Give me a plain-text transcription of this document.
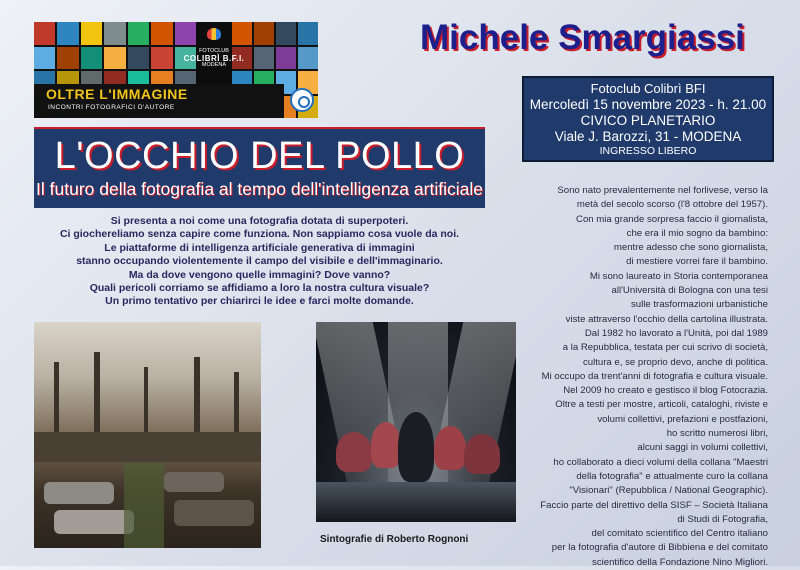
FOTOCLUB
COLIBRÌ B.F.I.
MODENA
OLTRE L'IMMAGINE
INCONTRI FOTOGRAFICI D'AUTORE
Michele Smargiassi
Fotoclub Colibrì BFI
Mercoledì 15 novembre 2023 - h. 21.00
CIVICO PLANETARIO
Viale J. Barozzi, 31 - MODENA
INGRESSO LIBERO
L'OCCHIO DEL POLLO
Il futuro della fotografia al tempo dell'intelligenza artificiale
Si presenta a noi come una fotografia dotata di superpoteri.
Ci giochereliamo senza capire come funziona. Non sappiamo cosa vuole da noi.
Le piattaforme di intelligenza artificiale generativa di immagini
stanno occupando violentemente il campo del visibile e dell'immaginario.
Ma da dove vengono quelle immagini? Dove vanno?
Quali pericoli corriamo se affidiamo a loro la nostra cultura visuale?
Un primo tentativo per chiarirci le idee e farci molte domande.
Sintografie di Roberto Rognoni
Sono nato prevalentemente nel forlivese, verso la
metà del secolo scorso (l'8 ottobre del 1957).
Con mia grande sorpresa faccio il giornalista,
che era il mio sogno da bambino:
mentre adesso che sono giornalista,
di mestiere vorrei fare il bambino.
Mi sono laureato in Storia contemporanea
all'Università di Bologna con una tesi
sulle trasformazioni urbanistiche
viste attraverso l'occhio della cartolina illustrata.
Dal 1982 ho lavorato a l'Unità, poi dal 1989
a la Repubblica, testata per cui scrivo di società,
cultura e, se proprio devo, anche di politica.
Mi occupo da trent'anni di fotografia e cultura visuale.
Nel 2009 ho creato e gestisco il blog Fotocrazia.
Oltre a testi per mostre, articoli, cataloghi, riviste e
volumi collettivi, prefazioni e postfazioni,
ho scritto numerosi libri,
alcuni saggi in volumi collettivi,
ho collaborato a dieci volumi della collana "Maestri
della fotografia" e attualmente curo la collana
"Visionari" (Repubblica / National Geographic).
Faccio parte del direttivo della SISF – Società Italiana
di Studi di Fotografia,
del comitato scientifico del Centro italiano
per la fotografia d'autore di Bibbiena e del comitato
scientifico della Fondazione Nino Migliori.
